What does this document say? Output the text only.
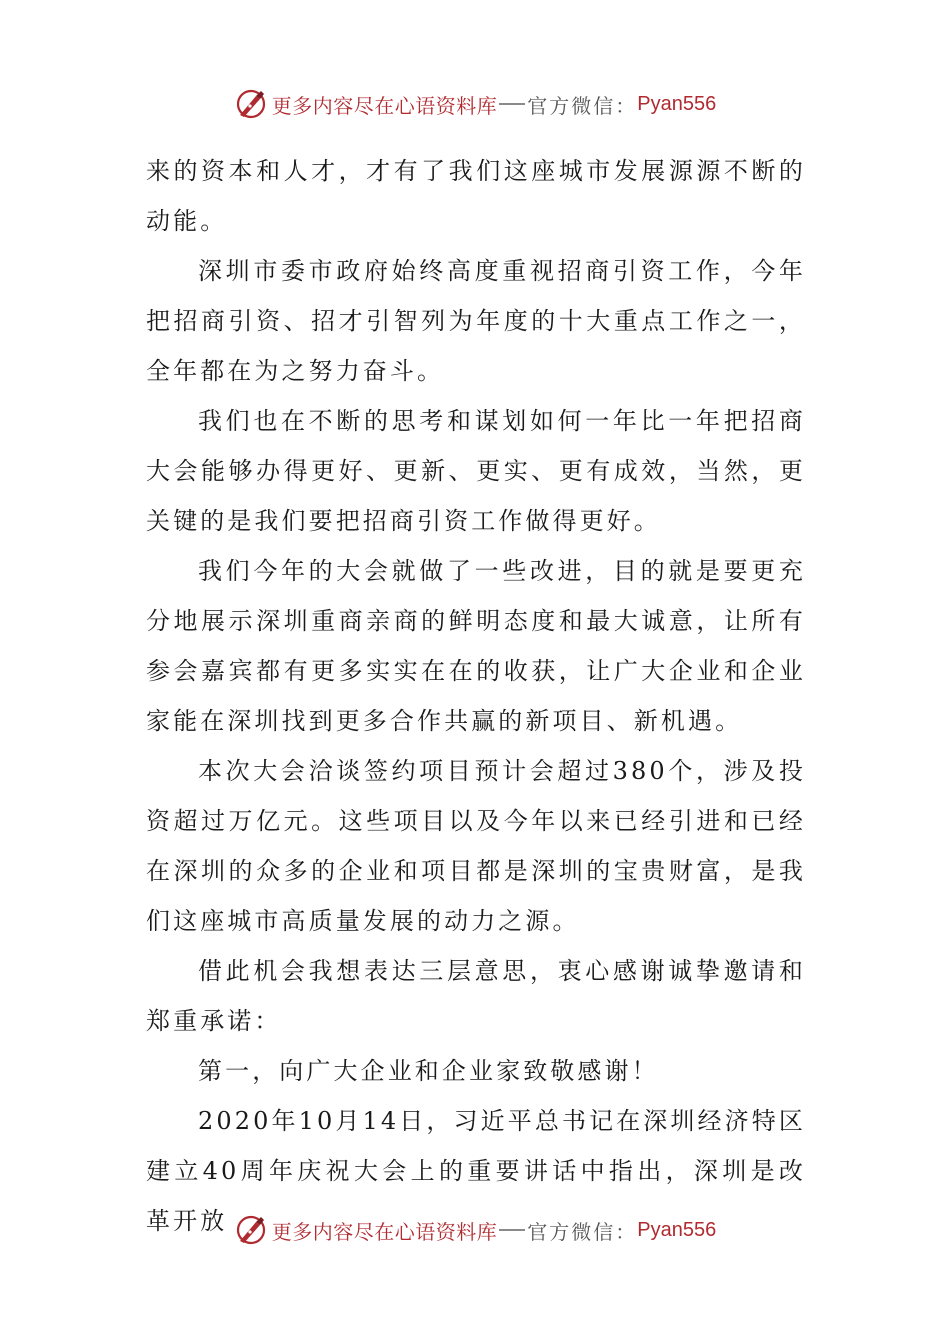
更多内容尽在心语资料库 官方微信： Pyan556

来的资本和人才，才有了我们这座城市发展源源不断的动能。

深圳市委市政府始终高度重视招商引资工作，今年把招商引资、招才引智列为年度的十大重点工作之一，全年都在为之努力奋斗。

我们也在不断的思考和谋划如何一年比一年把招商大会能够办得更好、更新、更实、更有成效，当然，更关键的是我们要把招商引资工作做得更好。

我们今年的大会就做了一些改进，目的就是要更充分地展示深圳重商亲商的鲜明态度和最大诚意，让所有参会嘉宾都有更多实实在在的收获，让广大企业和企业家能在深圳找到更多合作共赢的新项目、新机遇。

本次大会洽谈签约项目预计会超过380个，涉及投资超过万亿元。这些项目以及今年以来已经引进和已经在深圳的众多的企业和项目都是深圳的宝贵财富，是我们这座城市高质量发展的动力之源。

借此机会我想表达三层意思，衷心感谢诚挚邀请和郑重承诺：

第一，向广大企业和企业家致敬感谢！

2020年10月14日，习近平总书记在深圳经济特区建立40周年庆祝大会上的重要讲话中指出，深圳是改革开放	更多内容尽在心语资料库 官方微信： Pyan556
